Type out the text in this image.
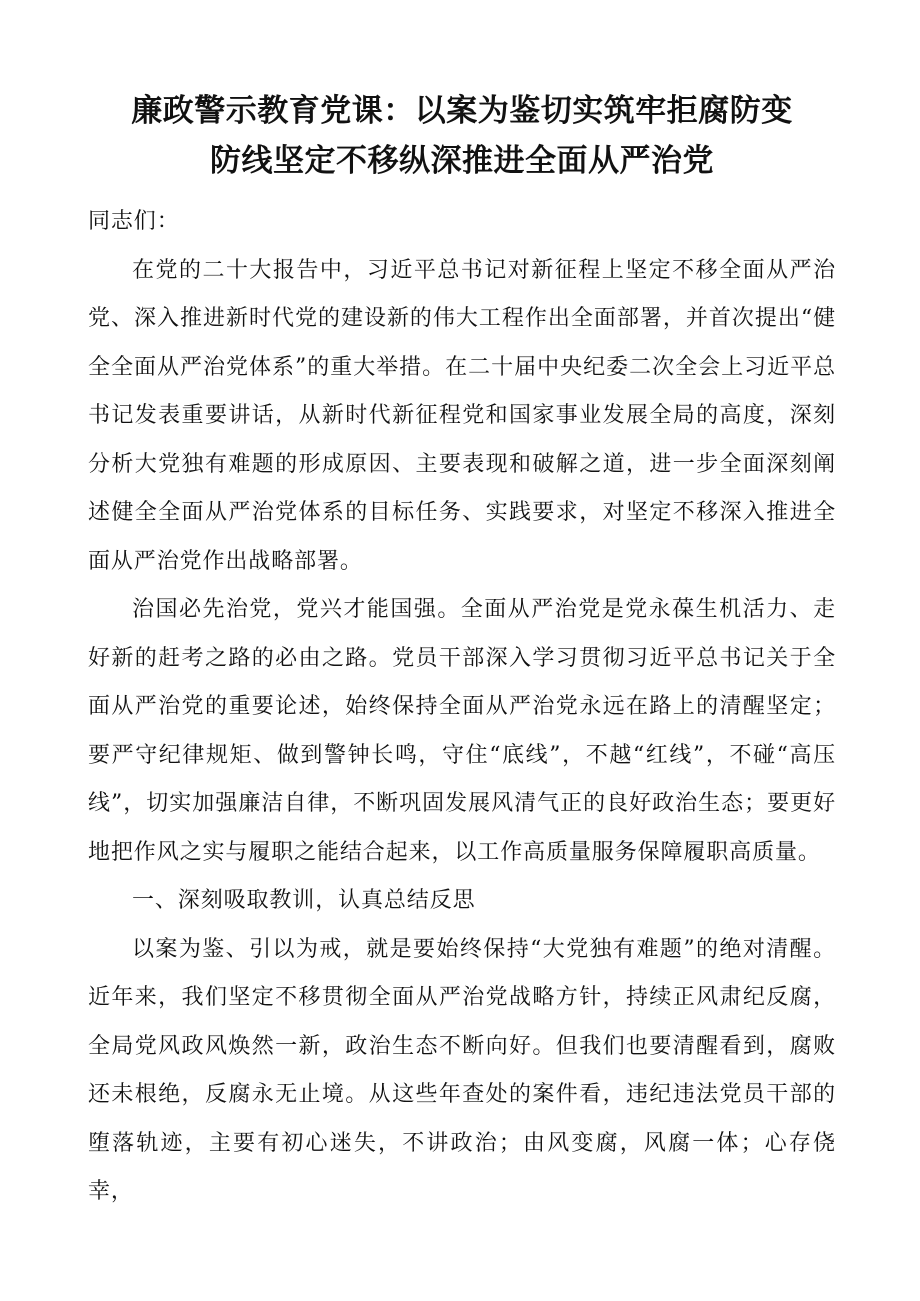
廉政警示教育党课：以案为鉴切实筑牢拒腐防变
防线坚定不移纵深推进全面从严治党

同志们：

在党的二十大报告中，习近平总书记对新征程上坚定不移全面从严治党、深入推进新时代党的建设新的伟大工程作出全面部署，并首次提出“健全全面从严治党体系”的重大举措。在二十届中央纪委二次全会上习近平总书记发表重要讲话，从新时代新征程党和国家事业发展全局的高度，深刻分析大党独有难题的形成原因、主要表现和破解之道，进一步全面深刻阐述健全全面从严治党体系的目标任务、实践要求，对坚定不移深入推进全面从严治党作出战略部署。

治国必先治党，党兴才能国强。全面从严治党是党永葆生机活力、走好新的赶考之路的必由之路。党员干部深入学习贯彻习近平总书记关于全面从严治党的重要论述，始终保持全面从严治党永远在路上的清醒坚定；要严守纪律规矩、做到警钟长鸣，守住“底线”，不越“红线”，不碰“高压线”，切实加强廉洁自律，不断巩固发展风清气正的良好政治生态；要更好地把作风之实与履职之能结合起来，以工作高质量服务保障履职高质量。

一、深刻吸取教训，认真总结反思

以案为鉴、引以为戒，就是要始终保持“大党独有难题”的绝对清醒。近年来，我们坚定不移贯彻全面从严治党战略方针，持续正风肃纪反腐，全局党风政风焕然一新，政治生态不断向好。但我们也要清醒看到，腐败还未根绝，反腐永无止境。从这些年查处的案件看，违纪违法党员干部的堕落轨迹，主要有初心迷失，不讲政治；由风变腐，风腐一体；心存侥幸，
